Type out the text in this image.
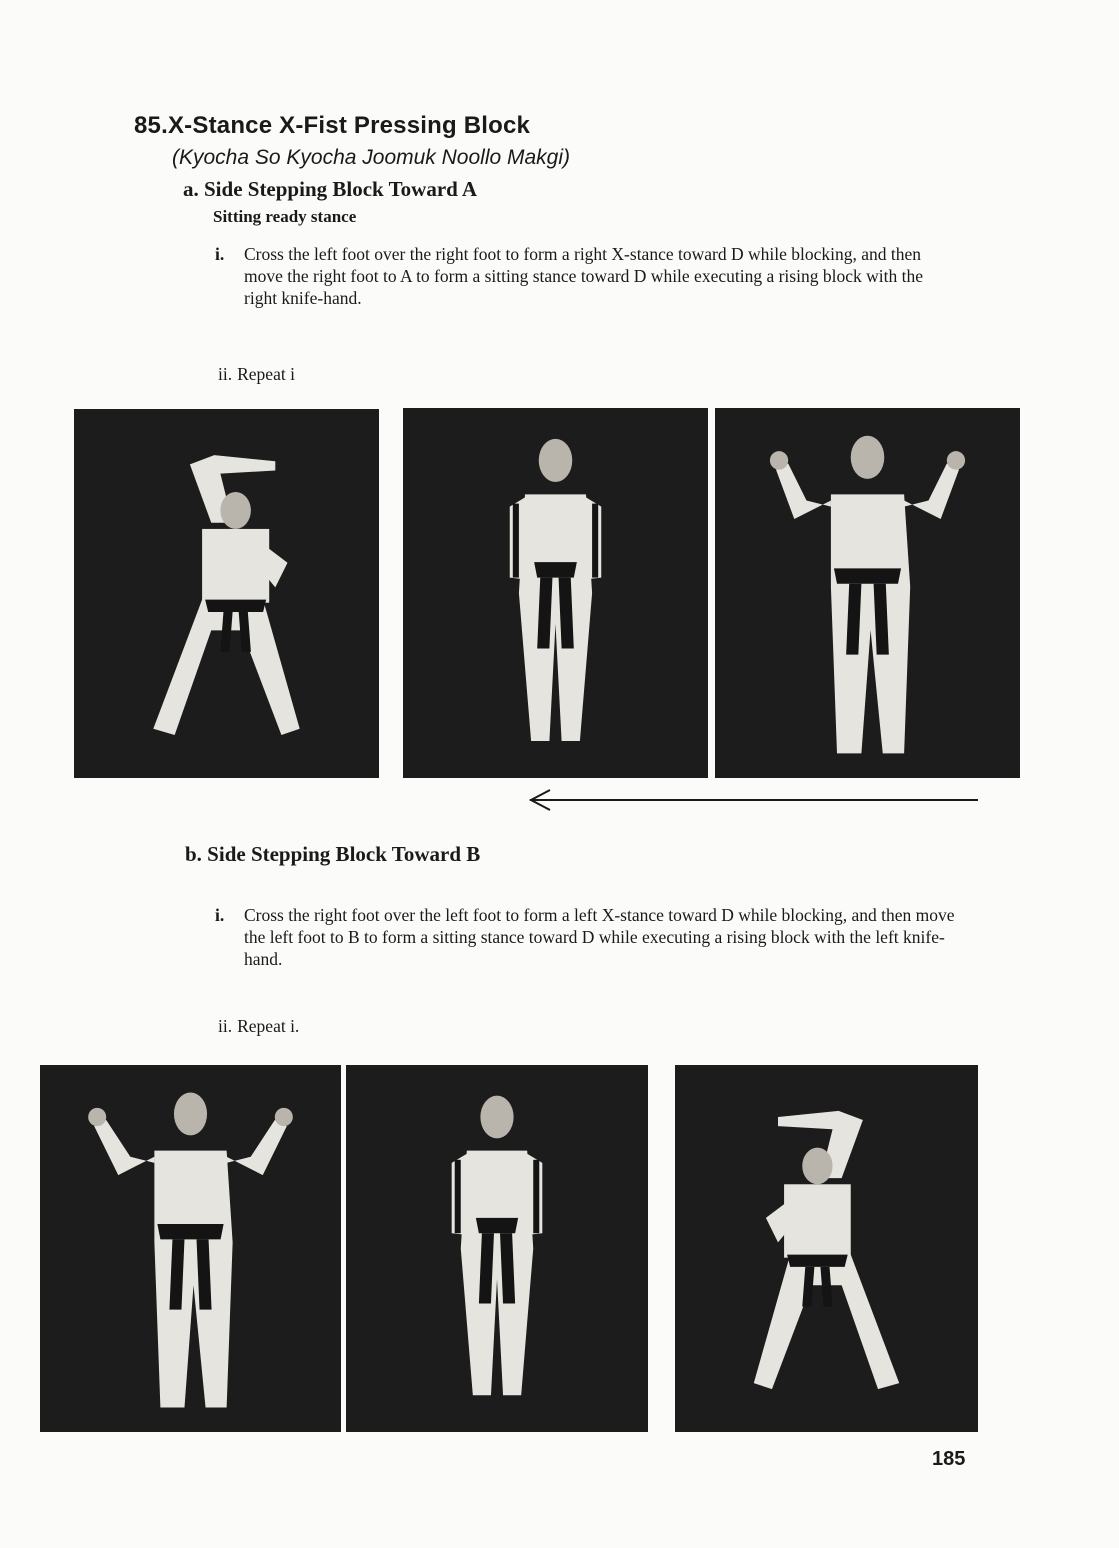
85.X-Stance X-Fist Pressing Block
(Kyocha So Kyocha Joomuk Noollo Makgi)
a. Side Stepping Block Toward A
Sitting ready stance
i.	Cross the left foot over the right foot to form a right X-stance toward D while blocking, and then move the right foot to A to form a sitting stance toward D while executing a rising block with the right knife-hand.
ii. Repeat i
b. Side Stepping Block Toward B
i.	Cross the right foot over the left foot to form a left X-stance toward D while blocking, and then move the left foot to B to form a sitting stance toward D while executing a rising block with the left knife-hand.
ii. Repeat i.
185
